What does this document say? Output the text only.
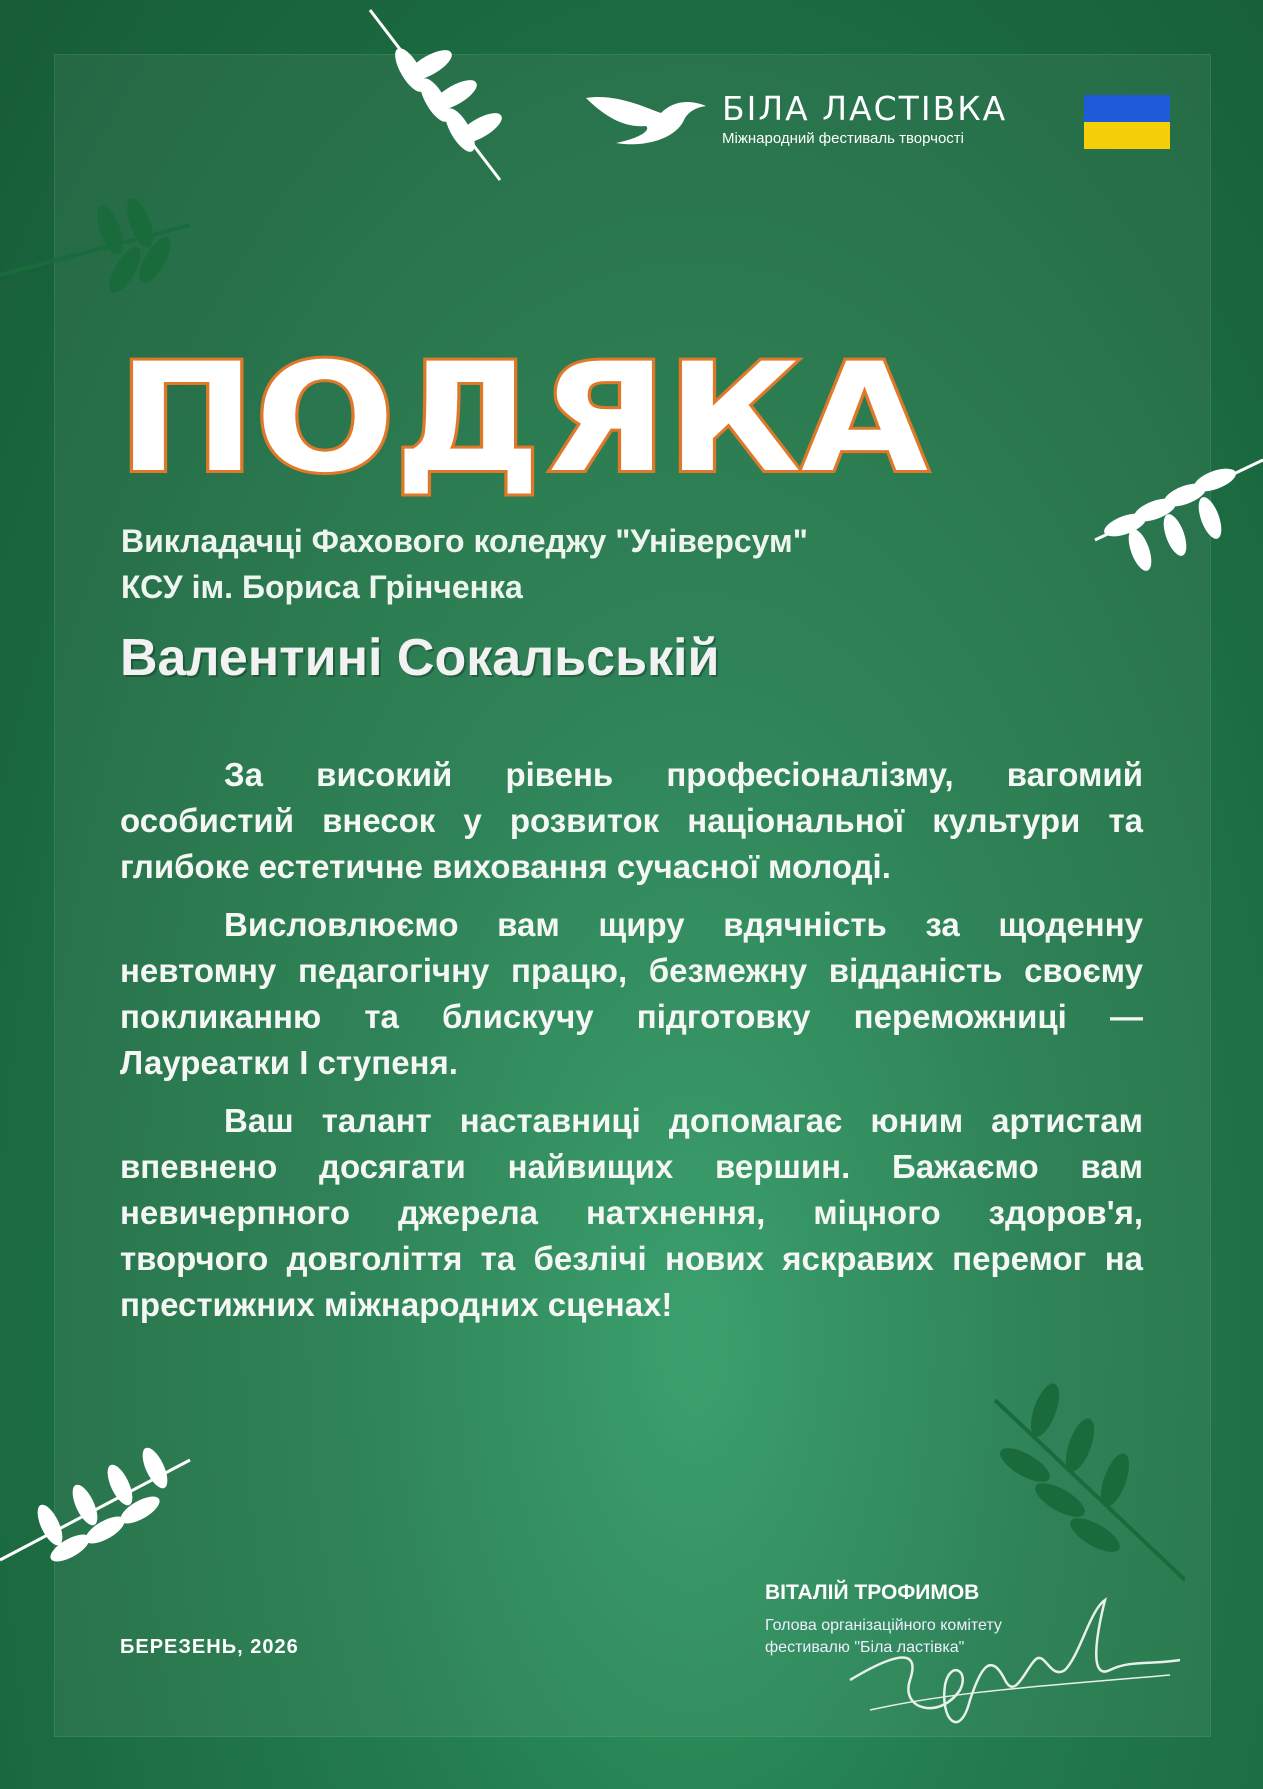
БІЛА ЛАСТІВКА
Міжнародний фестиваль творчості
ПОДЯКА
Викладачці Фахового коледжу "Універсум"
КСУ ім. Бориса Грінченка
Валентині Сокальській

За високий рівень професіоналізму, вагомий особистий внесок у розвиток національної культури та глибоке естетичне виховання сучасної молоді.

Висловлюємо вам щиру вдячність за щоденну невтомну педагогічну працю, безмежну відданість своєму покликанню та блискучу підготовку переможниці — Лауреатки І ступеня.

Ваш талант наставниці допомагає юним артистам впевнено досягати найвищих вершин. Бажаємо вам невичерпного джерела натхнення, міцного здоров'я, творчого довголіття та безлічі нових яскравих перемог на престижних міжнародних сценах!

БЕРЕЗЕНЬ, 2026
ВІТАЛІЙ ТРОФИМОВ
Голова організаційного комітету
фестивалю "Біла ластівка"
